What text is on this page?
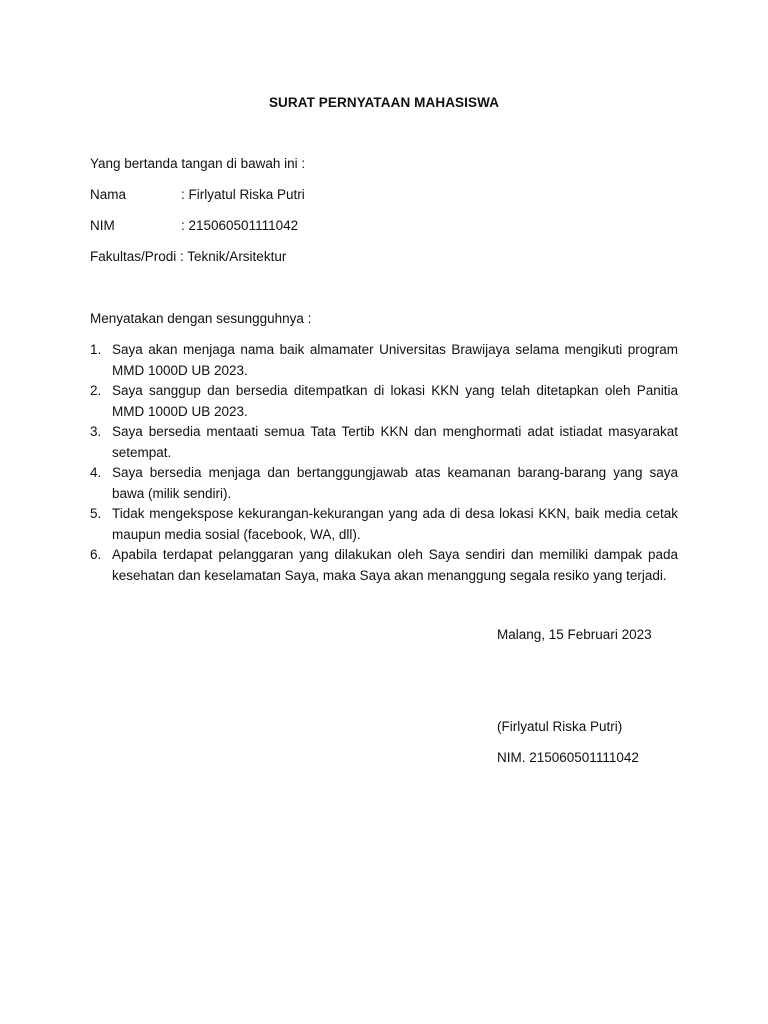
SURAT PERNYATAAN MAHASISWA
Yang bertanda tangan di bawah ini :
Nama	: Firlyatul Riska Putri
NIM	: 215060501111042
Fakultas/Prodi : Teknik/Arsitektur
Menyatakan dengan sesungguhnya :
1. Saya akan menjaga nama baik almamater Universitas Brawijaya selama mengikuti program MMD 1000D UB 2023.
2. Saya sanggup dan bersedia ditempatkan di lokasi KKN yang telah ditetapkan oleh Panitia MMD 1000D UB 2023.
3. Saya bersedia mentaati semua Tata Tertib KKN dan menghormati adat istiadat masyarakat setempat.
4. Saya bersedia menjaga dan bertanggungjawab atas keamanan barang-barang yang saya bawa (milik sendiri).
5. Tidak mengekspose kekurangan-kekurangan yang ada di desa lokasi KKN, baik media cetak maupun media sosial (facebook, WA, dll).
6. Apabila terdapat pelanggaran yang dilakukan oleh Saya sendiri dan memiliki dampak pada kesehatan dan keselamatan Saya, maka Saya akan menanggung segala resiko yang terjadi.
Malang, 15 Februari 2023
(Firlyatul Riska Putri)
NIM. 215060501111042
